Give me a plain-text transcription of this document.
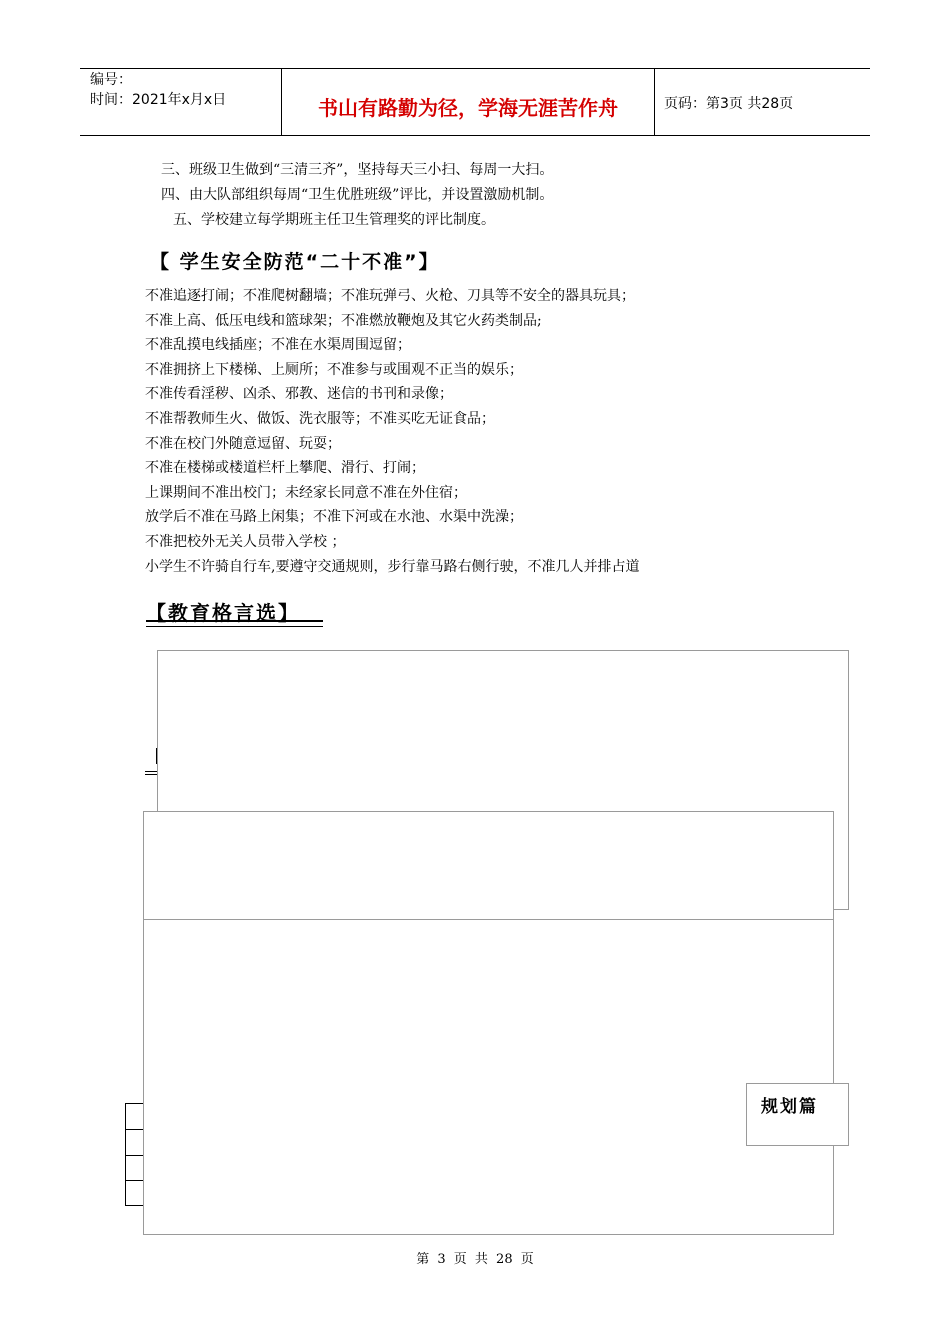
编号：
时间：2021年x月x日	书山有路勤为径，学海无涯苦作舟	页码：第3页 共28页
三、班级卫生做到“三清三齐”，坚持每天三小扫、每周一大扫。
四、由大队部组织每周“卫生优胜班级”评比，并设置激励机制。
五、学校建立每学期班主任卫生管理奖的评比制度。
【 学生安全防范“二十不准”】
不准追逐打闹；不准爬树翻墙；不准玩弹弓、火枪、刀具等不安全的器具玩具；
不准上高、低压电线和篮球架；不准燃放鞭炮及其它火药类制品;
不准乱摸电线插座；不准在水渠周围逗留；
不准拥挤上下楼梯、上厕所；不准参与或围观不正当的娱乐；
不准传看淫秽、凶杀、邪教、迷信的书刊和录像；
不准帮教师生火、做饭、洗衣服等；不准买吃无证食品；
不准在校门外随意逗留、玩耍；
不准在楼梯或楼道栏杆上攀爬、滑行、打闹；
上课期间不准出校门；未经家长同意不准在外住宿；
放学后不准在马路上闲集；不准下河或在水池、水渠中洗澡；
不准把校外无关人员带入学校 ；
小学生不许骑自行车,要遵守交通规则，步行靠马路右侧行驶，不准几人并排占道
【教育格言选】
规划篇
第 3 页 共 28 页
